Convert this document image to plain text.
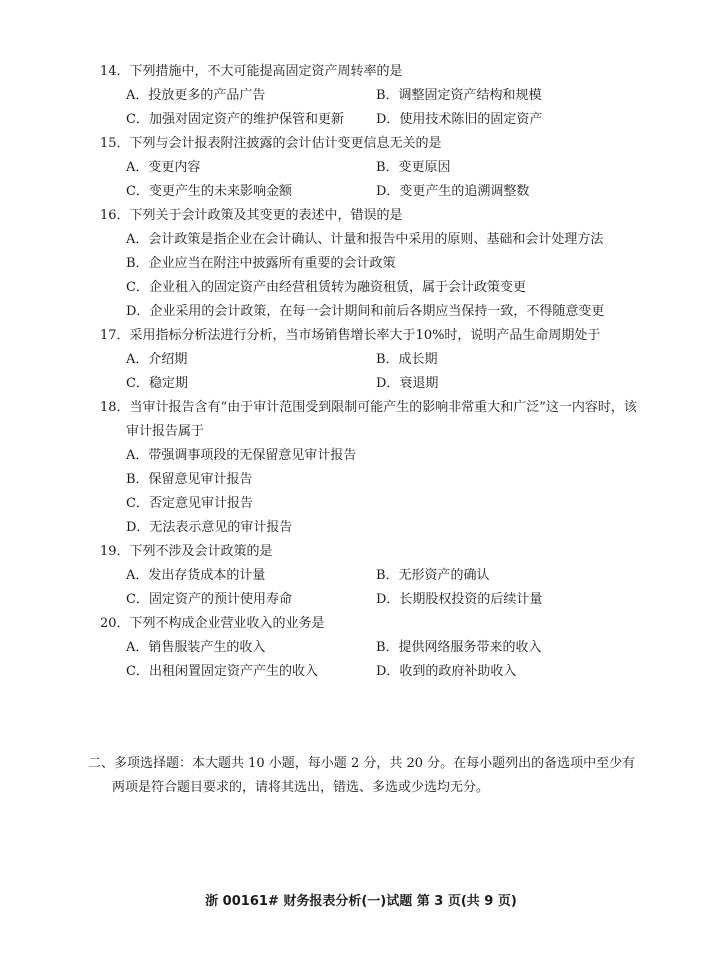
14．下列措施中，不大可能提高固定资产周转率的是
A．投放更多的产品广告	B．调整固定资产结构和规模
C．加强对固定资产的维护保管和更新	D．使用技术陈旧的固定资产
15．下列与会计报表附注披露的会计估计变更信息无关的是
A．变更内容	B．变更原因
C．变更产生的未来影响金额	D．变更产生的追溯调整数
16．下列关于会计政策及其变更的表述中，错误的是
A．会计政策是指企业在会计确认、计量和报告中采用的原则、基础和会计处理方法
B．企业应当在附注中披露所有重要的会计政策
C．企业租入的固定资产由经营租赁转为融资租赁，属于会计政策变更
D．企业采用的会计政策，在每一会计期间和前后各期应当保持一致，不得随意变更
17．采用指标分析法进行分析，当市场销售增长率大于10%时，说明产品生命周期处于
A．介绍期	B．成长期
C．稳定期	D．衰退期
18．当审计报告含有“由于审计范围受到限制可能产生的影响非常重大和广泛”这一内容时，该审计报告属于
A．带强调事项段的无保留意见审计报告
B．保留意见审计报告
C．否定意见审计报告
D．无法表示意见的审计报告
19．下列不涉及会计政策的是
A．发出存货成本的计量	B．无形资产的确认
C．固定资产的预计使用寿命	D．长期股权投资的后续计量
20．下列不构成企业营业收入的业务是
A．销售服装产生的收入	B．提供网络服务带来的收入
C．出租闲置固定资产产生的收入	D．收到的政府补助收入
二、多项选择题：本大题共 10 小题，每小题 2 分，共 20 分。在每小题列出的备选项中至少有两项是符合题目要求的，请将其选出，错选、多选或少选均无分。
浙 00161# 财务报表分析(一)试题 第 3 页(共 9 页)
